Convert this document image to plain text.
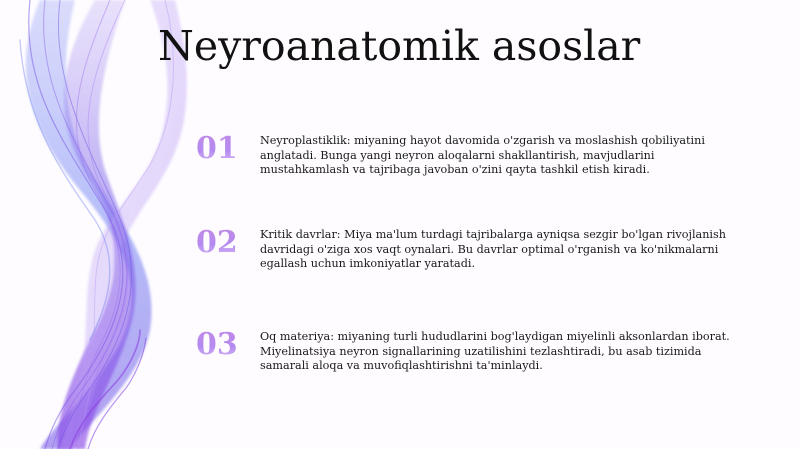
Neyroanatomik asoslar
01	Neyroplastiklik: miyaning hayot davomida o'zgarish va moslashish qobiliyatini anglatadi. Bunga yangi neyron aloqalarni shakllantirish, mavjudlarini mustahkamlash va tajribaga javoban o'zini qayta tashkil etish kiradi.
02	Kritik davrlar: Miya ma'lum turdagi tajribalarga ayniqsa sezgir bo'lgan rivojlanish davridagi o'ziga xos vaqt oynalari. Bu davrlar optimal o'rganish va ko'nikmalarni egallash uchun imkoniyatlar yaratadi.
03	Oq materiya: miyaning turli hududlarini bog'laydigan miyelinli aksonlardan iborat. Miyelinatsiya neyron signallarining uzatilishini tezlashtiradi, bu asab tizimida samarali aloqa va muvofiqlashtirishni ta'minlaydi.
